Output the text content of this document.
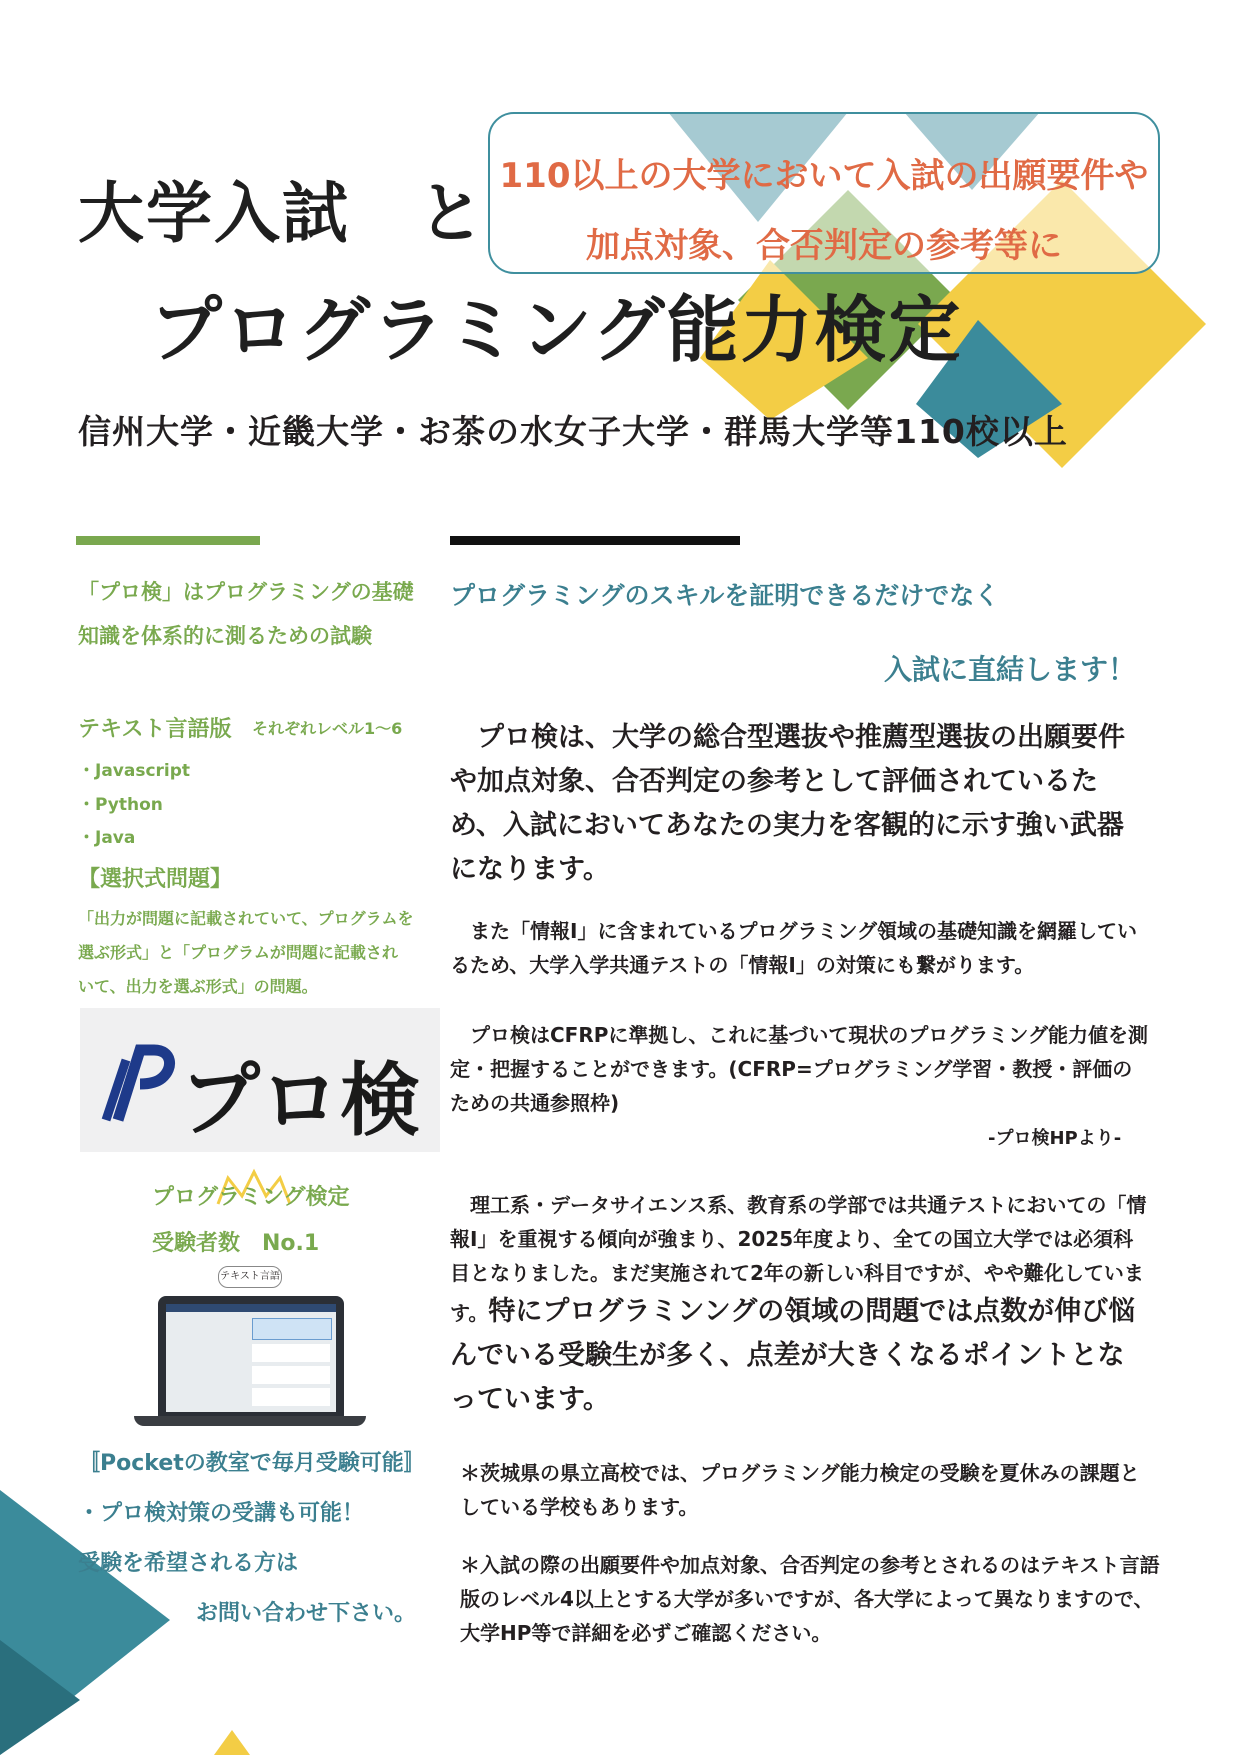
110以上の大学において入試の出願要件や
加点対象、合否判定の参考等に
大学入試　と
プログラミング能力検定
信州大学・近畿大学・お茶の水女子大学・群馬大学等110校以上
「プロ検」はプログラミングの基礎
知識を体系的に測るための試験
テキスト言語版 それぞれレベル1～6
・Javascript
・Python
・Java
【選択式問題】
「出力が問題に記載されていて、プログラムを
選ぶ形式」と「プログラムが問題に記載され
いて、出力を選ぶ形式」の問題。
プロ検
プログラミング検定
受験者数　No.1
テキスト言語
〚Pocketの教室で毎月受験可能〛
・プロ検対策の受講も可能！
受験を希望される方は
お問い合わせ下さい。
プログラミングのスキルを証明できるだけでなく
入試に直結します！
　プロ検は、大学の総合型選抜や推薦型選抜の出願要件や加点対象、合否判定の参考として評価されているため、入試においてあなたの実力を客観的に示す強い武器になります。
　また「情報Ⅰ」に含まれているプログラミング領域の基礎知識を網羅しているため、大学入学共通テストの「情報Ⅰ」の対策にも繋がります。
　プロ検はCFRPに準拠し、これに基づいて現状のプログラミング能力値を測定・把握することができます。(CFRP=プログラミング学習・教授・評価のための共通参照枠)
-プロ検HPより-
　理工系・データサイエンス系、教育系の学部では共通テストにおいての「情報Ⅰ」を重視する傾向が強まり、2025年度より、全ての国立大学では必須科目となりました。まだ実施されて2年の新しい科目ですが、やや難化しています。特にプログラミンングの領域の問題では点数が伸び悩んでいる受験生が多く、点差が大きくなるポイントとなっています。
＊茨城県の県立高校では、プログラミング能力検定の受験を夏休みの課題としている学校もあります。
＊入試の際の出願要件や加点対象、合否判定の参考とされるのはテキスト言語版のレベル4以上とする大学が多いですが、各大学によって異なりますので、大学HP等で詳細を必ずご確認ください。
